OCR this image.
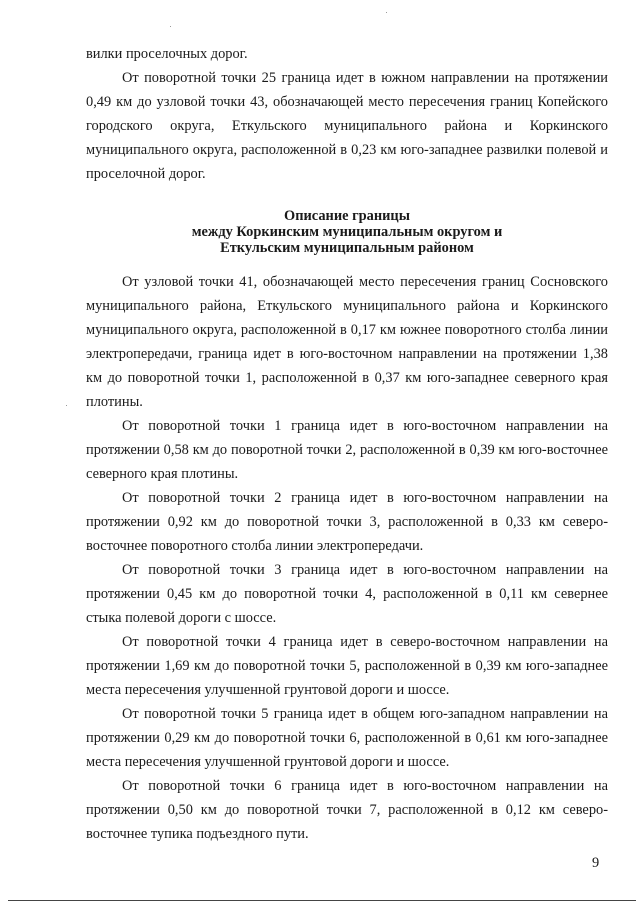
вилки проселочных дорог.

От поворотной точки 25 граница идет в южном направлении на протяжении 0,49 км до узловой точки 43, обозначающей место пересечения границ Копейского городского округа, Еткульского муниципального района и Коркинского муниципального округа, расположенной в 0,23 км юго-западнее развилки полевой и проселочной дорог.

Описание границы
между Коркинским муниципальным округом и
Еткульским муниципальным районом

От узловой точки 41, обозначающей место пересечения границ Сосновского муниципального района, Еткульского муниципального района и Коркинского муниципального округа, расположенной в 0,17 км южнее поворотного столба линии электропередачи, граница идет в юго-восточном направлении на протяжении 1,38 км до поворотной точки 1, расположенной в 0,37 км юго-западнее северного края плотины.

От поворотной точки 1 граница идет в юго-восточном направлении на протяжении 0,58 км до поворотной точки 2, расположенной в 0,39 км юго-восточнее северного края плотины.

От поворотной точки 2 граница идет в юго-восточном направлении на протяжении 0,92 км до поворотной точки 3, расположенной в 0,33 км северо-восточнее поворотного столба линии электропередачи.

От поворотной точки 3 граница идет в юго-восточном направлении на протяжении 0,45 км до поворотной точки 4, расположенной в 0,11 км севернее стыка полевой дороги с шоссе.

От поворотной точки 4 граница идет в северо-восточном направлении на протяжении 1,69 км до поворотной точки 5, расположенной в 0,39 км юго-западнее места пересечения улучшенной грунтовой дороги и шоссе.

От поворотной точки 5 граница идет в общем юго-западном направлении на протяжении 0,29 км до поворотной точки 6, расположенной в 0,61 км юго-западнее места пересечения улучшенной грунтовой дороги и шоссе.

От поворотной точки 6 граница идет в юго-восточном направлении на протяжении 0,50 км до поворотной точки 7, расположенной в 0,12 км северо-восточнее тупика подъездного пути.

9
